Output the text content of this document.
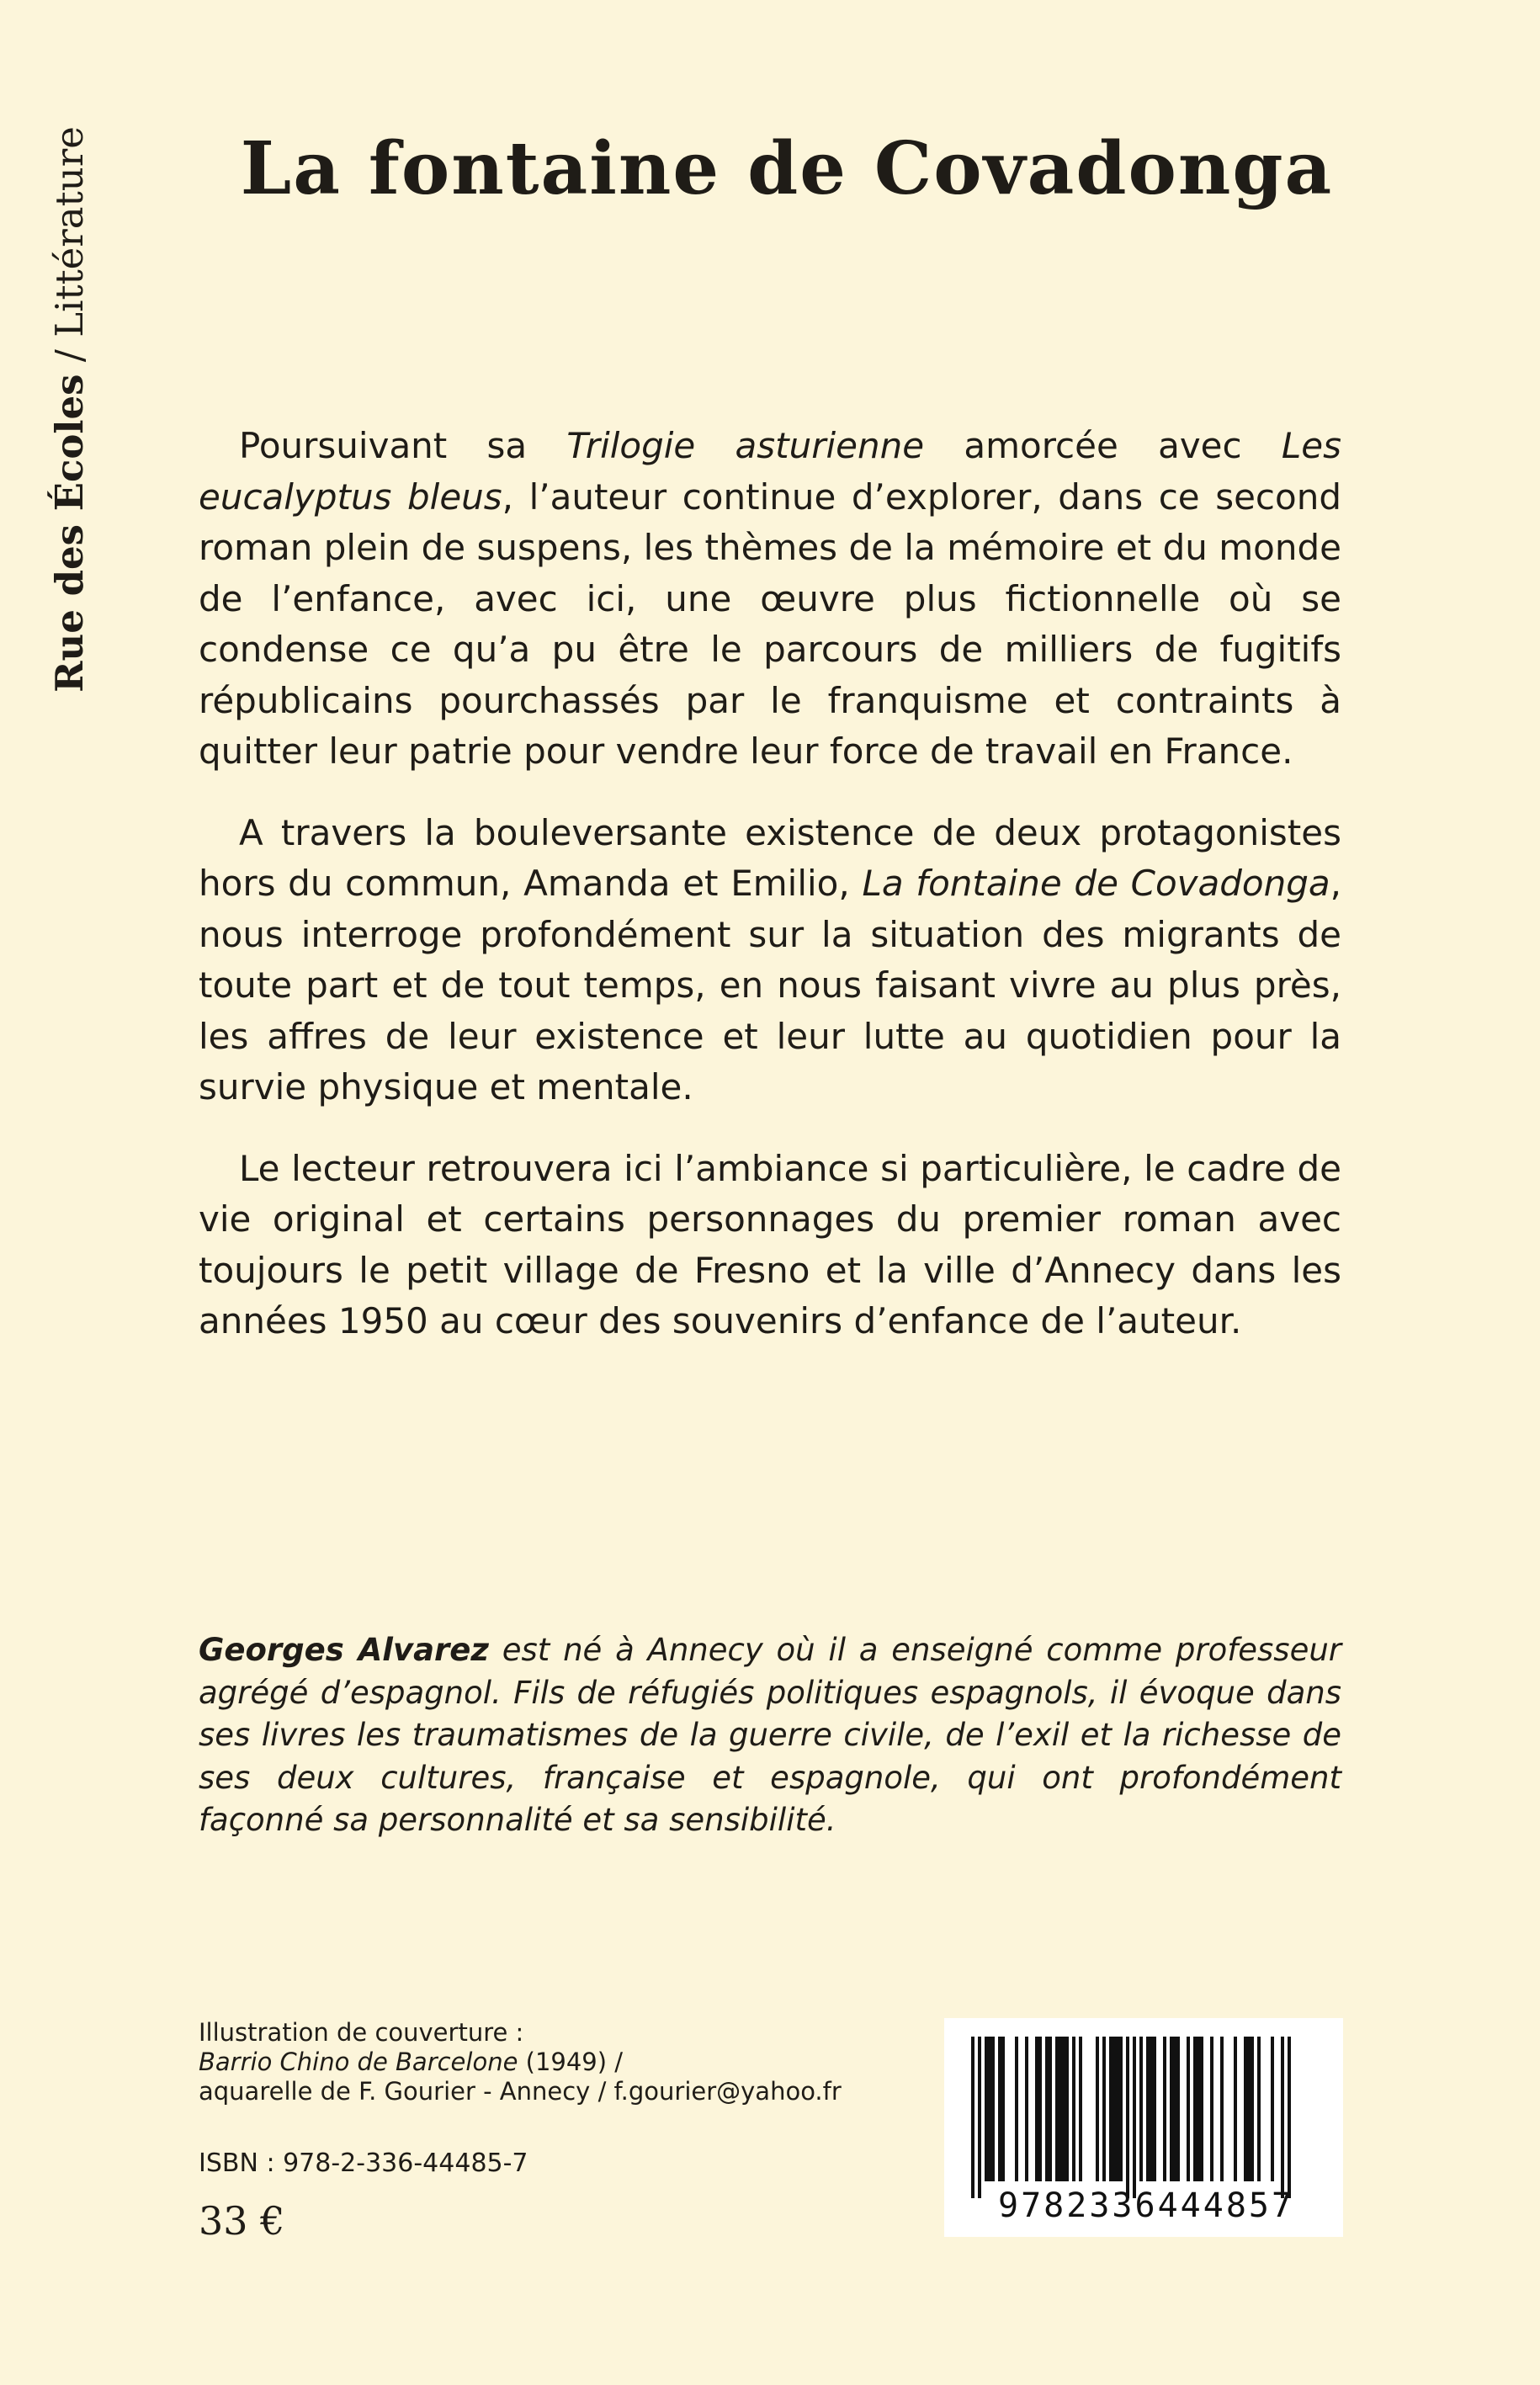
Rue des Écoles / Littérature	La fontaine de Covadonga

Poursuivant sa Trilogie asturienne amorcée avec Les eucalyptus bleus, l’auteur continue d’explorer, dans ce second roman plein de suspens, les thèmes de la mémoire et du monde de l’enfance, avec ici, une œuvre plus fictionnelle où se condense ce qu’a pu être le parcours de milliers de fugitifs républicains pourchassés par le franquisme et contraints à quitter leur patrie pour vendre leur force de travail en France.

A travers la bouleversante existence de deux protagonistes hors du commun, Amanda et Emilio, La fontaine de Covadonga, nous interroge profondément sur la situation des migrants de toute part et de tout temps, en nous faisant vivre au plus près, les affres de leur existence et leur lutte au quotidien pour la survie physique et mentale.

Le lecteur retrouvera ici l’ambiance si particulière, le cadre de vie original et certains personnages du premier roman avec toujours le petit village de Fresno et la ville d’Annecy dans les années 1950 au cœur des souvenirs d’enfance de l’auteur.

Georges Alvarez est né à Annecy où il a enseigné comme professeur agrégé d’espagnol. Fils de réfugiés politiques espagnols, il évoque dans ses livres les traumatismes de la guerre civile, de l’exil et la richesse de ses deux cultures, française et espagnole, qui ont profondément façonné sa personnalité et sa sensibilité.

Illustration de couverture :
Barrio Chino de Barcelone (1949) /
aquarelle de F. Gourier - Annecy / f.gourier@yahoo.fr
ISBN : 978-2-336-44485-7
33 €	9782336444857
